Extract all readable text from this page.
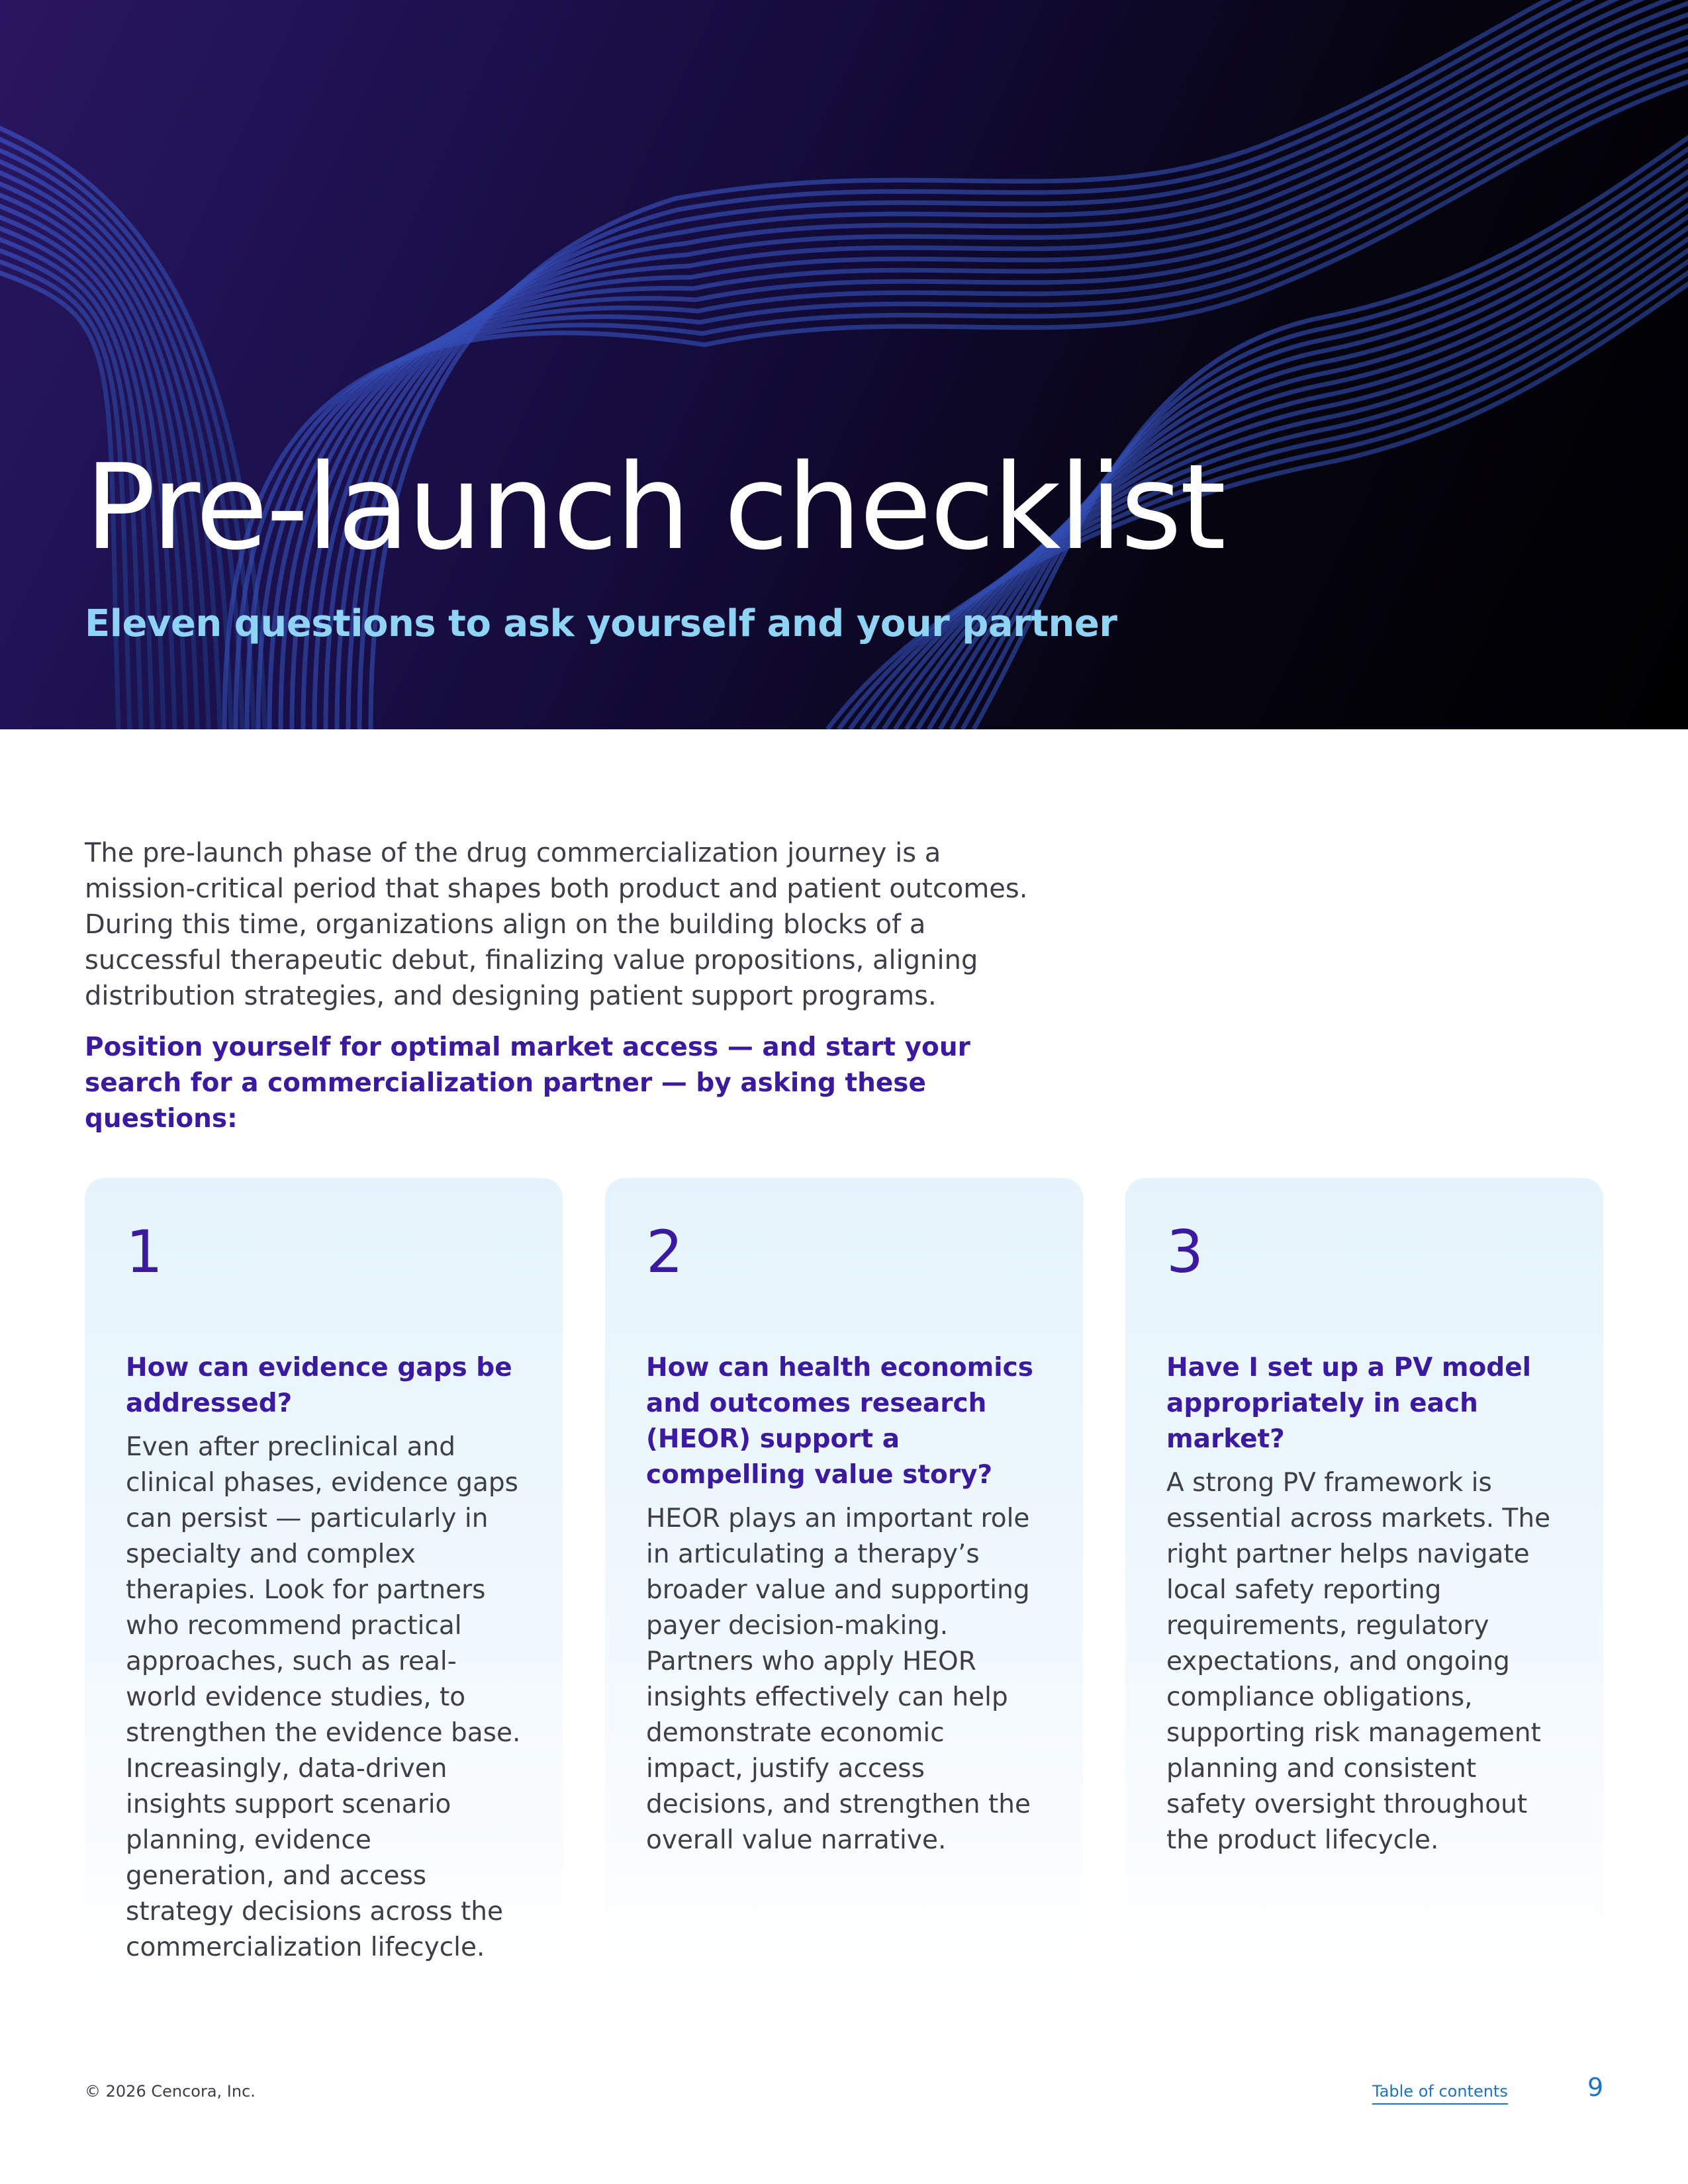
Pre-launch checklist
Eleven questions to ask yourself and your partner

The pre-launch phase of the drug commercialization journey is a mission-critical period that shapes both product and patient outcomes. During this time, organizations align on the building blocks of a successful therapeutic debut, finalizing value propositions, aligning distribution strategies, and designing patient support programs.

Position yourself for optimal market access — and start your search for a commercialization partner — by asking these questions:

1
How can evidence gaps be addressed?

Even after preclinical and clinical phases, evidence gaps can persist — particularly in specialty and complex therapies. Look for partners who recommend practical approaches, such as real-world evidence studies, to strengthen the evidence base. Increasingly, data-driven insights support scenario planning, evidence generation, and access strategy decisions across the commercialization lifecycle.

2
How can health economics and outcomes research (HEOR) support a compelling value story?

HEOR plays an important role in articulating a therapy’s broader value and supporting payer decision-making. Partners who apply HEOR insights effectively can help demonstrate economic impact, justify access decisions, and strengthen the overall value narrative.

3
Have I set up a PV model appropriately in each market?

A strong PV framework is essential across markets. The right partner helps navigate local safety reporting requirements, regulatory expectations, and ongoing compliance obligations, supporting risk management planning and consistent safety oversight throughout the product lifecycle.

© 2026 Cencora, Inc.	Table of contents	9
